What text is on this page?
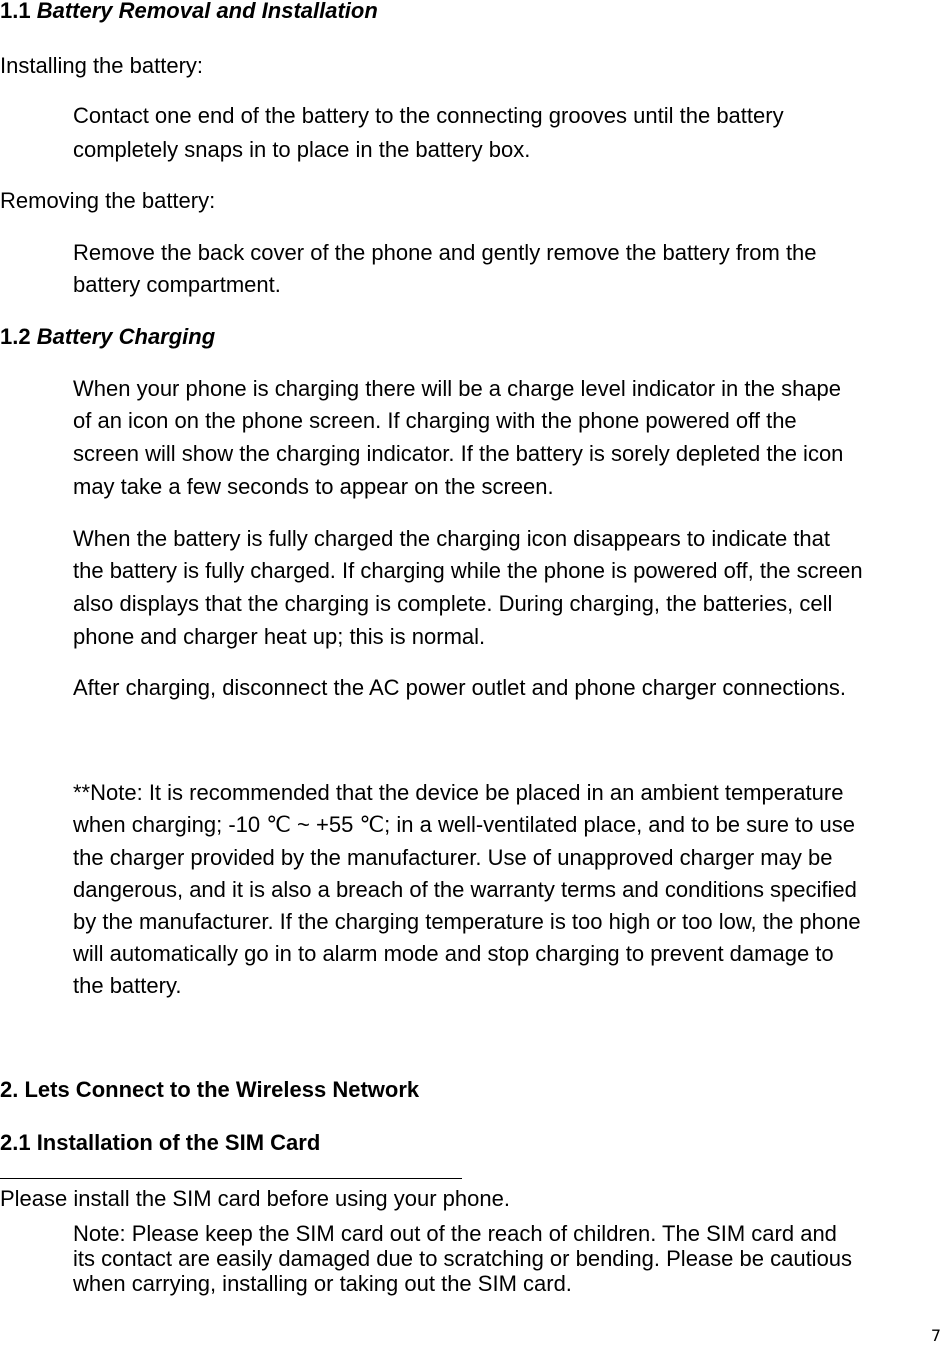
1.1 Battery Removal and Installation
Installing the battery:
Contact one end of the battery to the connecting grooves until the battery
completely snaps in to place in the battery box.
Removing the battery:
Remove the back cover of the phone and gently remove the battery from the
battery compartment.
1.2 Battery Charging
When your phone is charging there will be a charge level indicator in the shape
of an icon on the phone screen. If charging with the phone powered off the
screen will show the charging indicator. If the battery is sorely depleted the icon
may take a few seconds to appear on the screen.
When the battery is fully charged the charging icon disappears to indicate that
the battery is fully charged. If charging while the phone is powered off, the screen
also displays that the charging is complete. During charging, the batteries, cell
phone and charger heat up; this is normal.
After charging, disconnect the AC power outlet and phone charger connections.
**Note: It is recommended that the device be placed in an ambient temperature
when charging; -10 ℃ ~ +55 ℃; in a well-ventilated place, and to be sure to use
the charger provided by the manufacturer. Use of unapproved charger may be
dangerous, and it is also a breach of the warranty terms and conditions specified
by the manufacturer. If the charging temperature is too high or too low, the phone
will automatically go in to alarm mode and stop charging to prevent damage to
the battery.
2. Lets Connect to the Wireless Network
2.1 Installation of the SIM Card
Please install the SIM card before using your phone.
Note: Please keep the SIM card out of the reach of children. The SIM card and
its contact are easily damaged due to scratching or bending. Please be cautious
when carrying, installing or taking out the SIM card.
7
